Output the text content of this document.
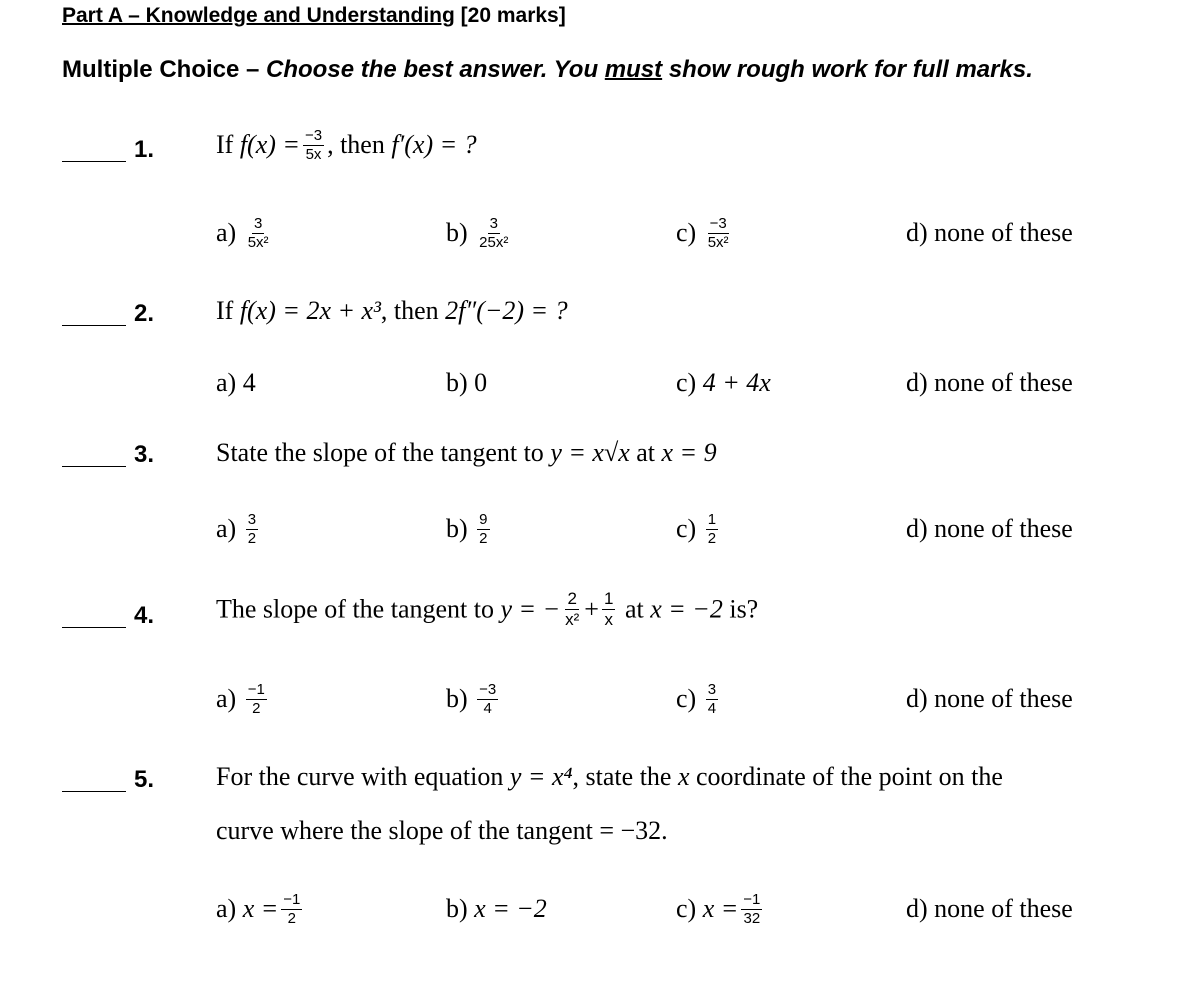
Part A – Knowledge and Understanding [20 marks]
Multiple Choice – Choose the best answer. You must show rough work for full marks.
1. If $f(x) = \frac{-3}{5x}$ , then f′(x) = ?
$a) \frac{3}{\text{5x²}}$	$b) \frac{3}{\text{25x²}}$	$c) \frac{-3}{\text{5x²}}$	d) none of these
2. If f(x) = 2x + x³, then 2f″(−2) = ?
a) 4	b) 0	c) 4 + 4x	d) none of these
3. State the slope of the tangent to y = x√x at x = 9
$a) \frac{3}{2}$	$b) \frac{9}{2}$	$c) \frac{1}{2}$	d) none of these
4. The slope of the tangent to y = − $\frac{2}{\text{x²}} + \frac{1}{x}$ at x = −2 is?
$a) \frac{-1}{2}$	$b) \frac{-3}{4}$	$c) \frac{3}{4}$	d) none of these
5. For the curve with equation y = x⁴, state the x coordinate of the point on the
curve where the slope of the tangent = −32.
a) $x = \frac{-1}{2}$	b) x = −2	c) $x = \frac{-1}{32}$	d) none of these
